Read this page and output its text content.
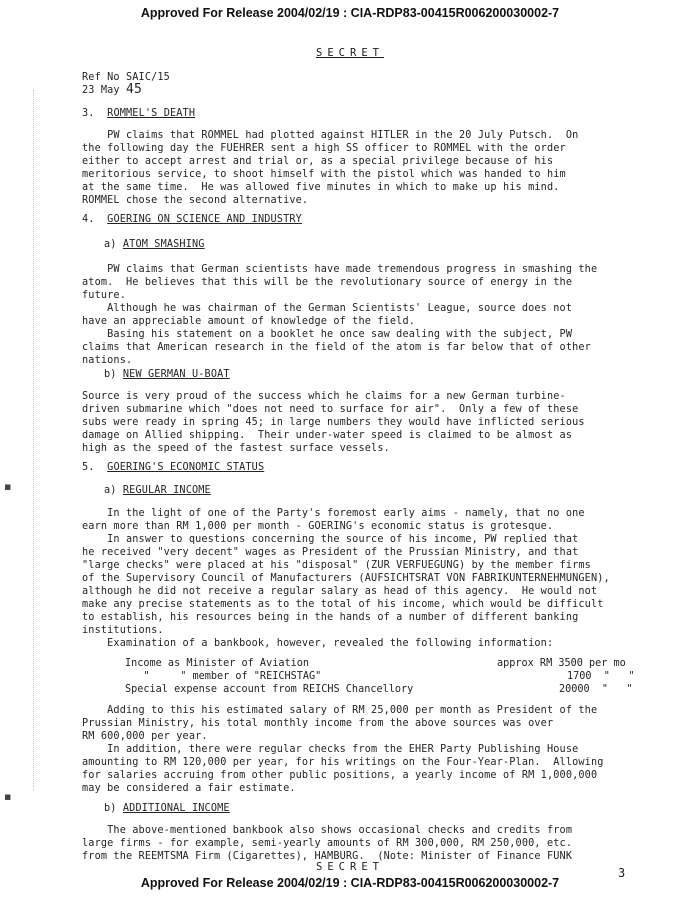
Approved For Release 2004/02/19 : CIA-RDP83-00415R006200030002-7
SECRET
▪
▪
Ref No SAIC/15
23 May 45
3. ROMMEL'S DEATH
PW claims that ROMMEL had plotted against HITLER in the 20 July Putsch.  On
the following day the FUEHRER sent a high SS officer to ROMMEL with the order
either to accept arrest and trial or, as a special privilege because of his
meritorious service, to shoot himself with the pistol which was handed to him
at the same time.  He was allowed five minutes in which to make up his mind.
ROMMEL chose the second alternative.
4. GOERING ON SCIENCE AND INDUSTRY
a) ATOM SMASHING
PW claims that German scientists have made tremendous progress in smashing the
atom.  He believes that this will be the revolutionary source of energy in the
future.
Although he was chairman of the German Scientists' League, source does not
have an appreciable amount of knowledge of the field.
Basing his statement on a booklet he once saw dealing with the subject, PW
claims that American research in the field of the atom is far below that of other
nations.
b) NEW GERMAN U-BOAT
Source is very proud of the success which he claims for a new German turbine-
driven submarine which "does not need to surface for air".  Only a few of these
subs were ready in spring 45; in large numbers they would have inflicted serious
damage on Allied shipping.  Their under-water speed is claimed to be almost as
high as the speed of the fastest surface vessels.
5. GOERING'S ECONOMIC STATUS
a) REGULAR INCOME
In the light of one of the Party's foremost early aims - namely, that no one
earn more than RM 1,000 per month - GOERING's economic status is grotesque.
In answer to questions concerning the source of his income, PW replied that
he received "very decent" wages as President of the Prussian Ministry, and that
"large checks" were placed at his "disposal" (ZUR VERFUEGUNG) by the member firms
of the Supervisory Council of Manufacturers (AUFSICHTSRAT VON FABRIKUNTERNEHMUNGEN),
although he did not receive a regular salary as head of this agency.  He would not
make any precise statements as to the total of his income, which would be difficult
to establish, his resources being in the hands of a number of different banking
institutions.
Examination of a bankbook, however, revealed the following information:
Income as Minister of Aviation	approx RM 3500 per mo
"     " member of "REICHSTAG"	1700  "   "
Special expense account from REICHS Chancellory	20000  "   "
Adding to this his estimated salary of RM 25,000 per month as President of the
Prussian Ministry, his total monthly income from the above sources was over
RM 600,000 per year.
In addition, there were regular checks from the EHER Party Publishing House
amounting to RM 120,000 per year, for his writings on the Four-Year-Plan.  Allowing
for salaries accruing from other public positions, a yearly income of RM 1,000,000
may be considered a fair estimate.
b) ADDITIONAL INCOME
The above-mentioned bankbook also shows occasional checks and credits from
large firms - for example, semi-yearly amounts of RM 300,000, RM 250,000, etc.
from the REEMTSMA Firm (Cigarettes), HAMBURG.  (Note: Minister of Finance FUNK
SECRET	3
Approved For Release 2004/02/19 : CIA-RDP83-00415R006200030002-7
